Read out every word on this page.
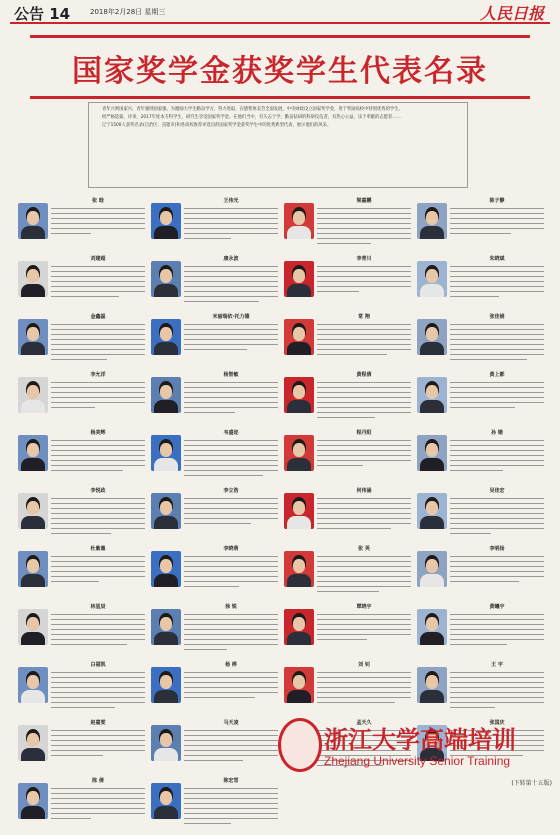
公告 14	2018年2月28日 星期三	人民日报
国家奖学金获奖学生代表名录

青年兴则国家兴，青年强则国家强。为激励大学生勤奋学习、努力进取，在德智体美劳全面发展，中央财政设立国家奖学金，用于奖励高校中特别优秀的学生。

经严格选拔、评审，2017年度本专科学生、研究生享受国家奖学金。在他们当中，有矢志于学、勤奋钻研的科研佼佼者，有热心公益、乐于奉献的志愿者……

辽宁1500人获奖名录(自治区、直辖市)和各高校推荐评选出的国家奖学金获奖学生中的优秀典型代表，展示他们的风采。

张 晗	王伟光	梁嘉鹏	陈子静
刘建超	康永波	李青川	朱晓斌
金鑫磊	米丽瑞依·托力德	常 翔	张佳娟
李允洋	杨智敏	黄程倩	黄上都
杨美辉	韦盛迩	程丹阳	孙 锴
李悦政	李立浩	何伟涵	吴佳宏
杜紫墨	李晓萌	张 英	李明扬
林星辰	徐 锐	覃晓宇	黄曦宇
白福凯	杨 桦	刘 钊	王 宇
赵嘉雯	马天凌	孟天久	张国庆
陈 倩	陈宏雪
浙江大学高端培训
Zhejiang University Senior Training
(下转第十五版)
